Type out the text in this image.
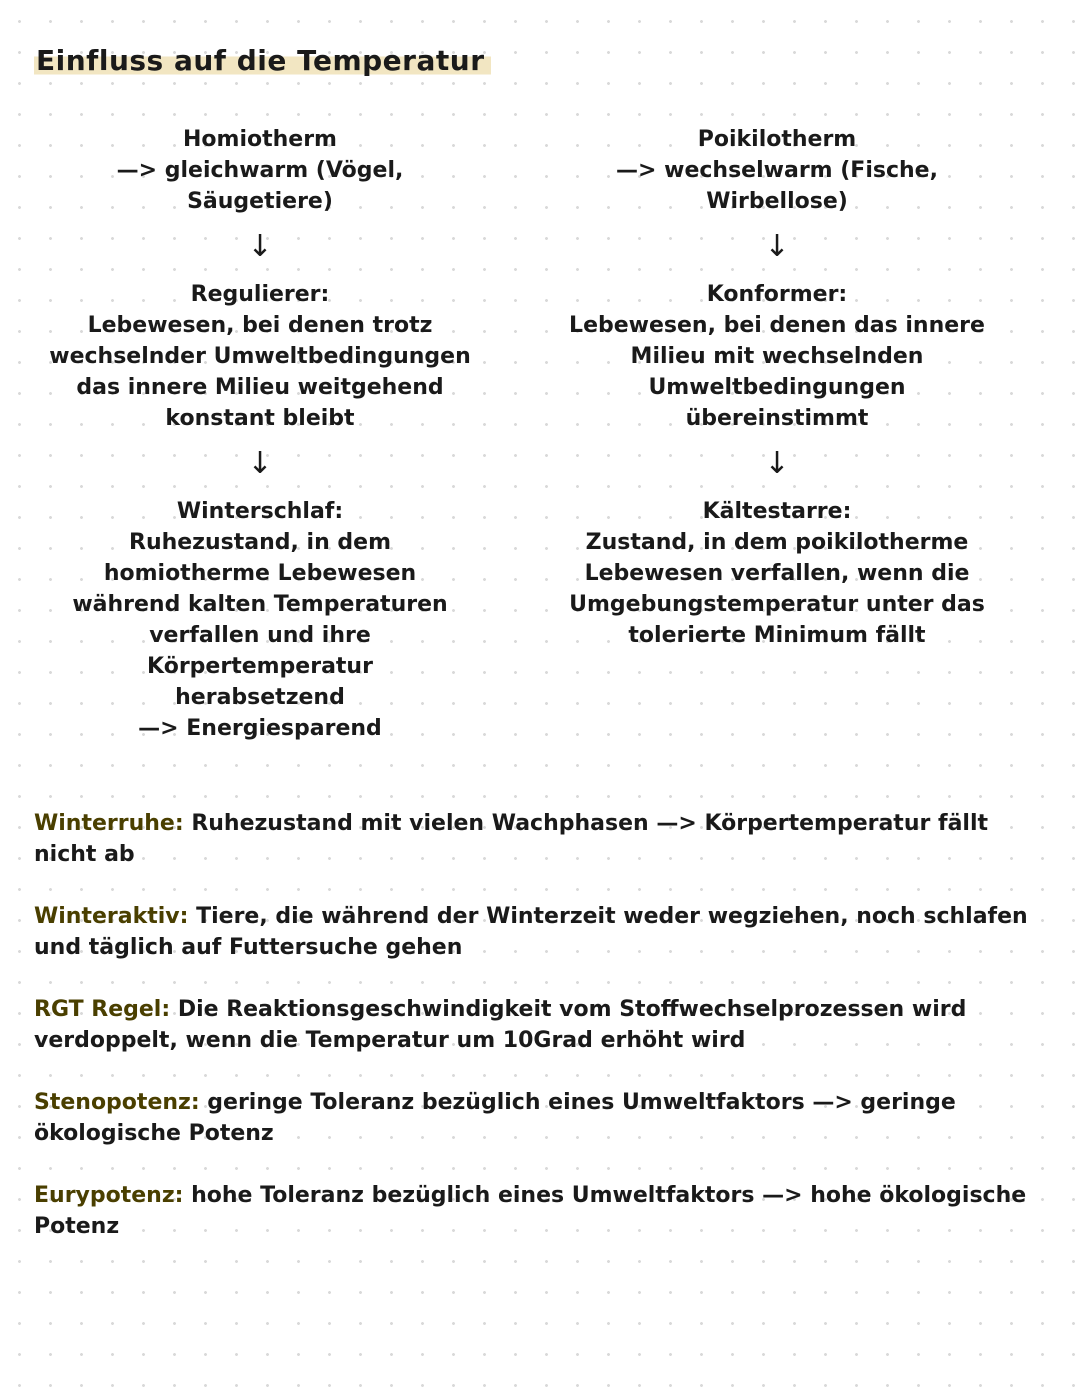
Einfluss auf die Temperatur

Homiotherm

—> gleichwarm (Vögel,
Säugetiere)

↓

Regulierer:

Lebewesen, bei denen trotz
wechselnder Umweltbedingungen
das innere Milieu weitgehend
konstant bleibt

↓

Winterschlaf:

Ruhezustand, in dem
homiotherme Lebewesen
während kalten Temperaturen
verfallen und ihre
Körpertemperatur
herabsetzend
—> Energiesparend

Poikilotherm

—> wechselwarm (Fische,
Wirbellose)

↓

Konformer:

Lebewesen, bei denen das innere
Milieu mit wechselnden
Umweltbedingungen
übereinstimmt

↓

Kältestarre:

Zustand, in dem poikilotherme
Lebewesen verfallen, wenn die
Umgebungstemperatur unter das
tolerierte Minimum fällt

Winterruhe: Ruhezustand mit vielen Wachphasen —> Körpertemperatur fällt nicht ab

Winteraktiv: Tiere, die während der Winterzeit weder wegziehen, noch schlafen und täglich auf Futtersuche gehen

RGT Regel: Die Reaktionsgeschwindigkeit vom Stoffwechselprozessen wird verdoppelt, wenn die Temperatur um 10Grad erhöht wird

Stenopotenz: geringe Toleranz bezüglich eines Umweltfaktors —> geringe ökologische Potenz

Eurypotenz: hohe Toleranz bezüglich eines Umweltfaktors —> hohe ökologische Potenz
